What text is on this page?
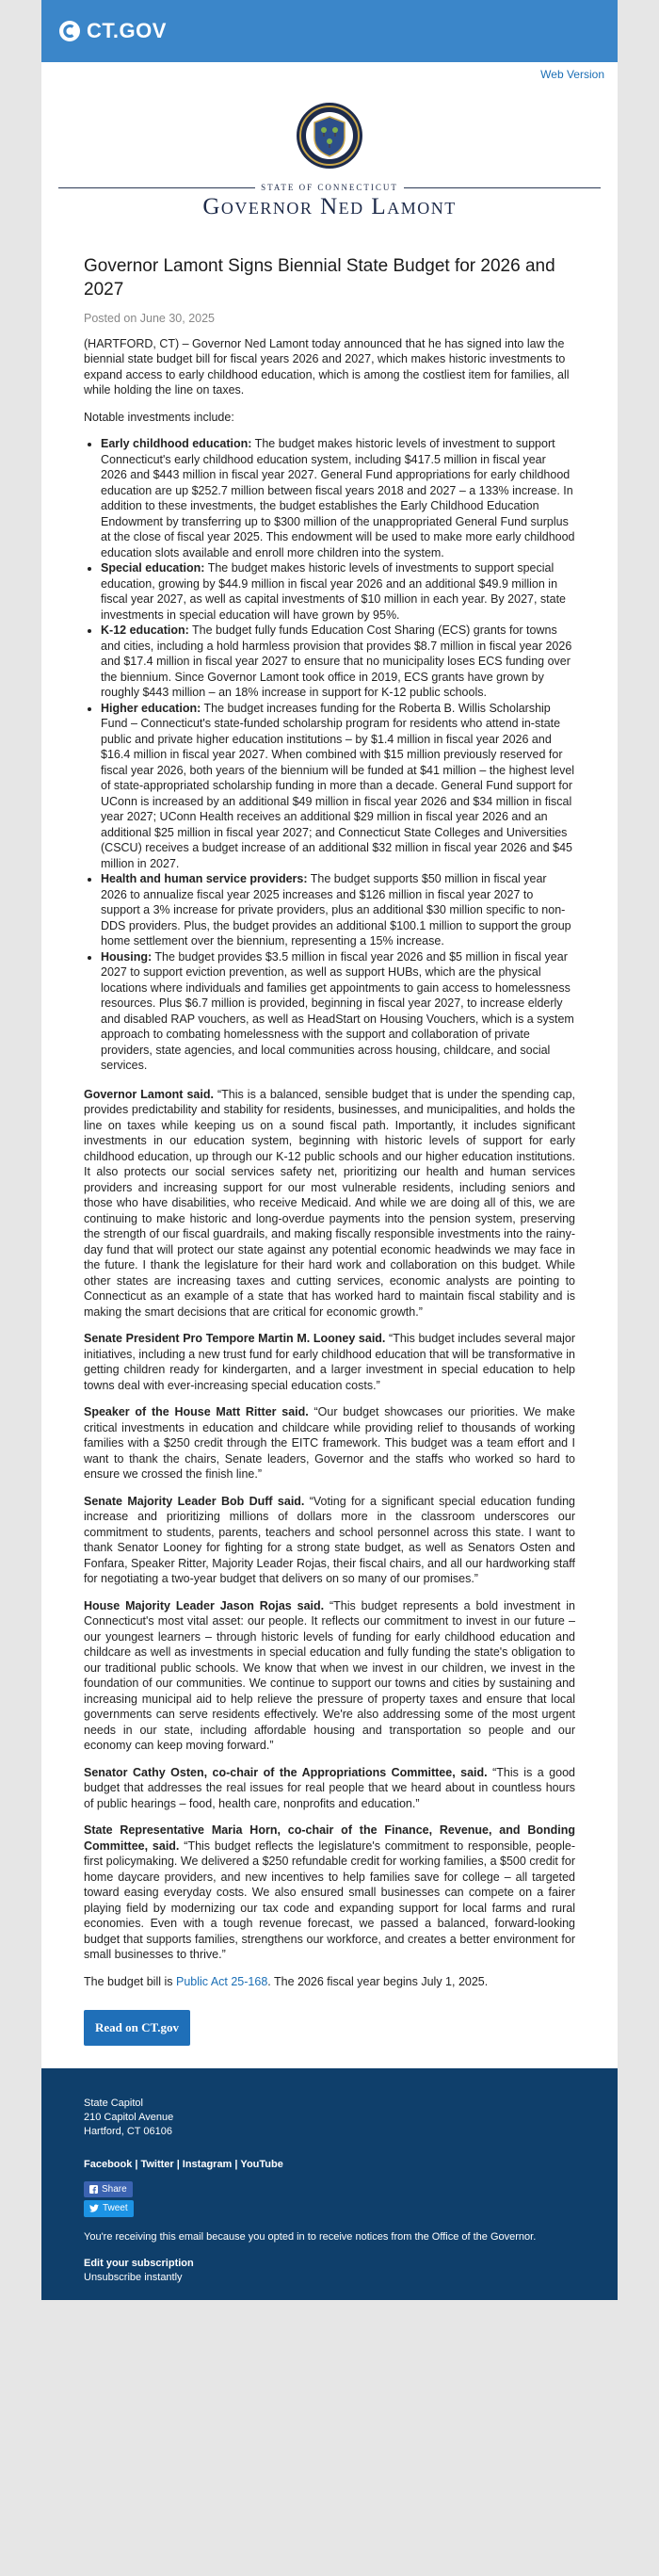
CT.GOV
Web Version
STATE OF CONNECTICUT
Governor Ned Lamont
Governor Lamont Signs Biennial State Budget for 2026 and 2027
Posted on June 30, 2025

(HARTFORD, CT) – Governor Ned Lamont today announced that he has signed into law the biennial state budget bill for fiscal years 2026 and 2027, which makes historic investments to expand access to early childhood education, which is among the costliest item for families, all while holding the line on taxes.

Notable investments include:

• Early childhood education: The budget makes historic levels of investment to support Connecticut's early childhood education system, including $417.5 million in fiscal year 2026 and $443 million in fiscal year 2027. General Fund appropriations for early childhood education are up $252.7 million between fiscal years 2018 and 2027 – a 133% increase. In addition to these investments, the budget establishes the Early Childhood Education Endowment by transferring up to $300 million of the unappropriated General Fund surplus at the close of fiscal year 2025. This endowment will be used to make more early childhood education slots available and enroll more children into the system.
• Special education: The budget makes historic levels of investments to support special education, growing by $44.9 million in fiscal year 2026 and an additional $49.9 million in fiscal year 2027, as well as capital investments of $10 million in each year. By 2027, state investments in special education will have grown by 95%.
• K-12 education: The budget fully funds Education Cost Sharing (ECS) grants for towns and cities, including a hold harmless provision that provides $8.7 million in fiscal year 2026 and $17.4 million in fiscal year 2027 to ensure that no municipality loses ECS funding over the biennium. Since Governor Lamont took office in 2019, ECS grants have grown by roughly $443 million – an 18% increase in support for K-12 public schools.
• Higher education: The budget increases funding for the Roberta B. Willis Scholarship Fund – Connecticut's state-funded scholarship program for residents who attend in-state public and private higher education institutions – by $1.4 million in fiscal year 2026 and $16.4 million in fiscal year 2027. When combined with $15 million previously reserved for fiscal year 2026, both years of the biennium will be funded at $41 million – the highest level of state-appropriated scholarship funding in more than a decade. General Fund support for UConn is increased by an additional $49 million in fiscal year 2026 and $34 million in fiscal year 2027; UConn Health receives an additional $29 million in fiscal year 2026 and an additional $25 million in fiscal year 2027; and Connecticut State Colleges and Universities (CSCU) receives a budget increase of an additional $32 million in fiscal year 2026 and $45 million in 2027.
• Health and human service providers: The budget supports $50 million in fiscal year 2026 to annualize fiscal year 2025 increases and $126 million in fiscal year 2027 to support a 3% increase for private providers, plus an additional $30 million specific to non-DDS providers. Plus, the budget provides an additional $100.1 million to support the group home settlement over the biennium, representing a 15% increase.
• Housing: The budget provides $3.5 million in fiscal year 2026 and $5 million in fiscal year 2027 to support eviction prevention, as well as support HUBs, which are the physical locations where individuals and families get appointments to gain access to homelessness resources. Plus $6.7 million is provided, beginning in fiscal year 2027, to increase elderly and disabled RAP vouchers, as well as HeadStart on Housing Vouchers, which is a system approach to combating homelessness with the support and collaboration of private providers, state agencies, and local communities across housing, childcare, and social services.

Governor Lamont said. “This is a balanced, sensible budget that is under the spending cap, provides predictability and stability for residents, businesses, and municipalities, and holds the line on taxes while keeping us on a sound fiscal path. Importantly, it includes significant investments in our education system, beginning with historic levels of support for early childhood education, up through our K-12 public schools and our higher education institutions. It also protects our social services safety net, prioritizing our health and human services providers and increasing support for our most vulnerable residents, including seniors and those who have disabilities, who receive Medicaid. And while we are doing all of this, we are continuing to make historic and long-overdue payments into the pension system, preserving the strength of our fiscal guardrails, and making fiscally responsible investments into the rainy-day fund that will protect our state against any potential economic headwinds we may face in the future. I thank the legislature for their hard work and collaboration on this budget. While other states are increasing taxes and cutting services, economic analysts are pointing to Connecticut as an example of a state that has worked hard to maintain fiscal stability and is making the smart decisions that are critical for economic growth.”

Senate President Pro Tempore Martin M. Looney said. “This budget includes several major initiatives, including a new trust fund for early childhood education that will be transformative in getting children ready for kindergarten, and a larger investment in special education to help towns deal with ever-increasing special education costs.”

Speaker of the House Matt Ritter said. “Our budget showcases our priorities. We make critical investments in education and childcare while providing relief to thousands of working families with a $250 credit through the EITC framework. This budget was a team effort and I want to thank the chairs, Senate leaders, Governor and the staffs who worked so hard to ensure we crossed the finish line.”

Senate Majority Leader Bob Duff said. “Voting for a significant special education funding increase and prioritizing millions of dollars more in the classroom underscores our commitment to students, parents, teachers and school personnel across this state. I want to thank Senator Looney for fighting for a strong state budget, as well as Senators Osten and Fonfara, Speaker Ritter, Majority Leader Rojas, their fiscal chairs, and all our hardworking staff for negotiating a two-year budget that delivers on so many of our promises.”

House Majority Leader Jason Rojas said. “This budget represents a bold investment in Connecticut's most vital asset: our people. It reflects our commitment to invest in our future – our youngest learners – through historic levels of funding for early childhood education and childcare as well as investments in special education and fully funding the state's obligation to our traditional public schools. We know that when we invest in our children, we invest in the foundation of our communities. We continue to support our towns and cities by sustaining and increasing municipal aid to help relieve the pressure of property taxes and ensure that local governments can serve residents effectively. We're also addressing some of the most urgent needs in our state, including affordable housing and transportation so people and our economy can keep moving forward.”

Senator Cathy Osten, co-chair of the Appropriations Committee, said. “This is a good budget that addresses the real issues for real people that we heard about in countless hours of public hearings – food, health care, nonprofits and education.”

State Representative Maria Horn, co-chair of the Finance, Revenue, and Bonding Committee, said. “This budget reflects the legislature's commitment to responsible, people-first policymaking. We delivered a $250 refundable credit for working families, a $500 credit for home daycare providers, and new incentives to help families save for college – all targeted toward easing everyday costs. We also ensured small businesses can compete on a fairer playing field by modernizing our tax code and expanding support for local farms and rural economies. Even with a tough revenue forecast, we passed a balanced, forward-looking budget that supports families, strengthens our workforce, and creates a better environment for small businesses to thrive.”

The budget bill is Public Act 25-168. The 2026 fiscal year begins July 1, 2025.

Read on CT.gov
State Capitol
210 Capitol Avenue
Hartford, CT 06106
Facebook | Twitter | Instagram | YouTube
Share
Tweet
You're receiving this email because you opted in to receive notices from the Office of the Governor.
Edit your subscription
Unsubscribe instantly
